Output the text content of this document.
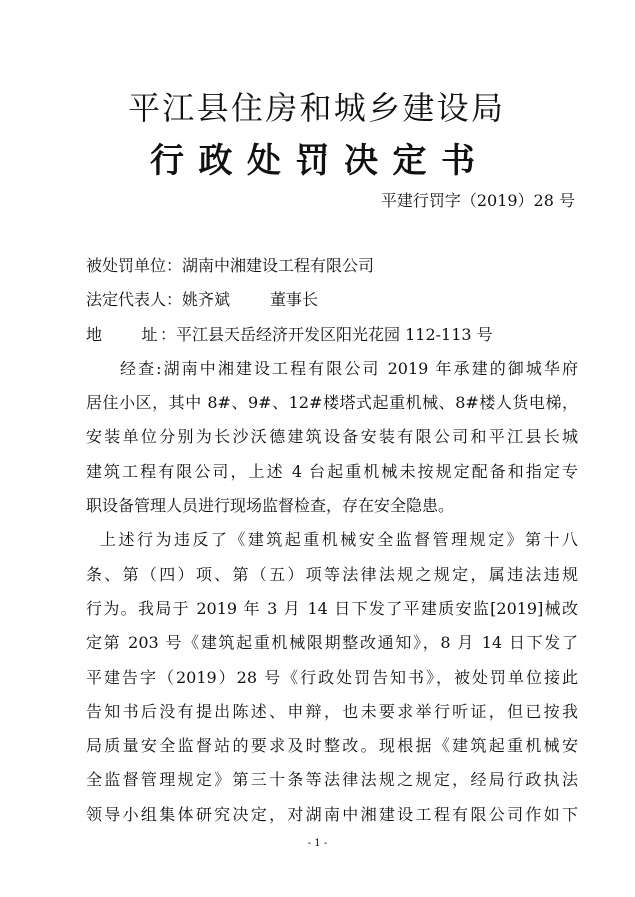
平江县住房和城乡建设局
行政处罚决定书
平建行罚字（2019）28 号
被处罚单位：湖南中湘建设工程有限公司
法定代表人：姚齐斌	董事长
地　　址：平江县天岳经济开发区阳光花园 112-113 号
经查:湖南中湘建设工程有限公司 2019 年承建的御城华府
居住小区，其中 8#、9#、12#楼塔式起重机械、8#楼人货电梯，
安装单位分别为长沙沃德建筑设备安装有限公司和平江县长城
建筑工程有限公司，上述 4 台起重机械未按规定配备和指定专
职设备管理人员进行现场监督检查，存在安全隐患。
上述行为违反了《建筑起重机械安全监督管理规定》第十八
条、第（四）项、第（五）项等法律法规之规定，属违法违规
行为。我局于 2019 年 3 月 14 日下发了平建质安监[2019]械改
定第 203 号《建筑起重机械限期整改通知》，8 月 14 日下发了
平建告字（2019）28 号《行政处罚告知书》，被处罚单位接此
告知书后没有提出陈述、申辩，也未要求举行听证，但已按我
局质量安全监督站的要求及时整改。现根据《建筑起重机械安
全监督管理规定》第三十条等法律法规之规定，经局行政执法
领导小组集体研究决定，对湖南中湘建设工程有限公司作如下
- 1 -
